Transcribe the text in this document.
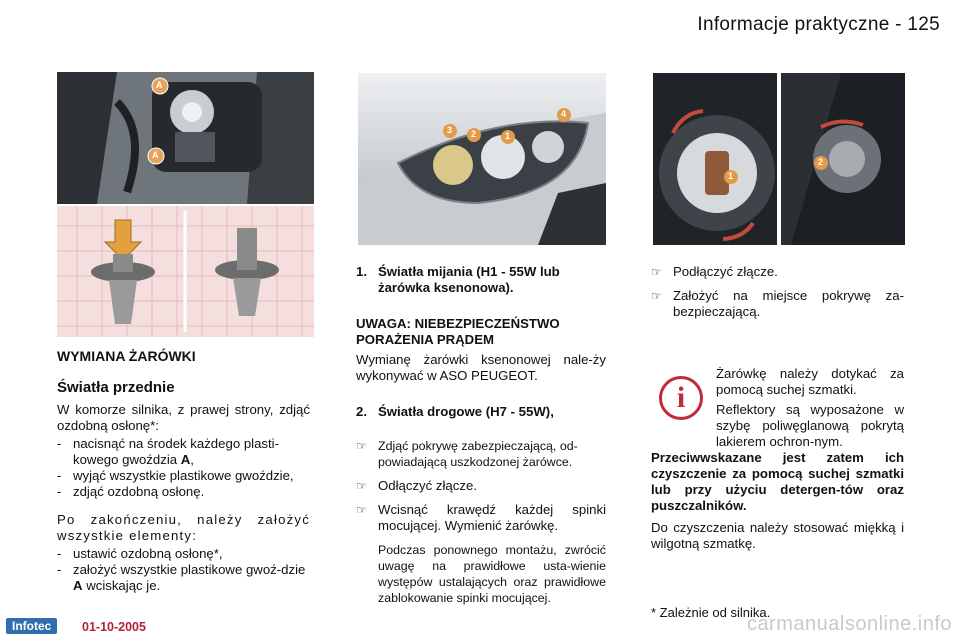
Informacje praktyczne - 125
A
A

WYMIANA ŻARÓWKI

Światła przednie

W komorze silnika, z prawej strony, zdjąć ozdobną osłonę*:

- nacisnąć na środek każdego plasti-kowego gwoździa A,
- wyjąć wszystkie plastikowe gwoździe,
- zdjąć ozdobną osłonę.

Po zakończeniu, należy założyć wszystkie elementy:

- ustawić ozdobną osłonę*,
- założyć wszystkie plastikowe gwoź-dzie A wciskając je.
3 2	1
4
1. Światła mijania (H1 - 55W lub żarówka ksenonowa).

UWAGA: NIEBEZPIECZEŃSTWO PORAŻENIA PRĄDEM

Wymianę żarówki ksenonowej nale-ży wykonywać w ASO PEUGEOT.

2. Światła drogowe (H7 - 55W),
☞ Zdjąć pokrywę zabezpieczającą, od-powiadającą uszkodzonej żarówce.
☞ Odłączyć złącze.
☞ Wcisnąć krawędź każdej spinki mocującej. Wymienić żarówkę.

Podczas ponownego montażu, zwrócić uwagę na prawidłowe usta-wienie występów ustalających oraz prawidłowe zablokowanie spinki mocującej.

1
2
☞ Podłączyć złącze.
☞ Założyć na miejsce pokrywę za-bezpieczającą.
i

Żarówkę należy dotykać za pomocą suchej szmatki.

Reflektory są wyposażone w szybę poliwęglanową pokrytą lakierem ochron-nym.

Przeciwwskazane jest zatem ich czyszczenie za pomocą suchej szmatki lub przy użyciu detergen-tów oraz puszczalników.

Do czyszczenia należy stosować miękką i wilgotną szmatkę.

* Zależnie od silnika.

Infotec	01-10-2005	carmanualsonline.info
